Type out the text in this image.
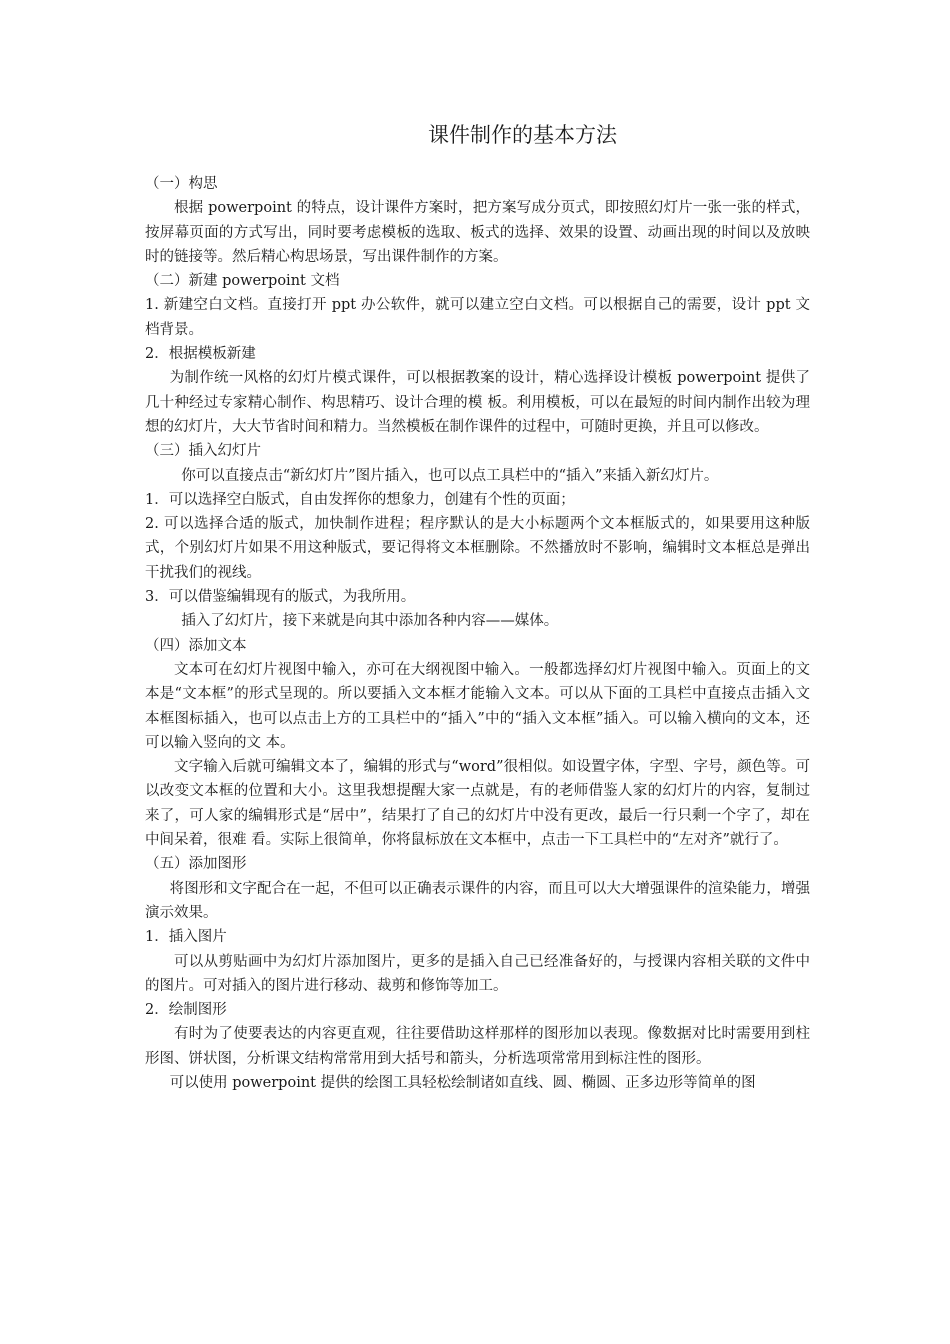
课件制作的基本方法

（一）构思

根据 powerpoint 的特点，设计课件方案时，把方案写成分页式，即按照幻灯片一张一张的样式，按屏幕页面的方式写出，同时要考虑模板的选取、板式的选择、效果的设置、动画出现的时间以及放映时的链接等。然后精心构思场景，写出课件制作的方案。

（二）新建 powerpoint 文档

1. 新建空白文档。直接打开 ppt 办公软件，就可以建立空白文档。可以根据自己的需要，设计 ppt 文档背景。

2．根据模板新建

为制作统一风格的幻灯片模式课件，可以根据教案的设计，精心选择设计模板 powerpoint 提供了几十种经过专家精心制作、构思精巧、设计合理的模 板。利用模板，可以在最短的时间内制作出较为理想的幻灯片，大大节省时间和精力。当然模板在制作课件的过程中，可随时更换，并且可以修改。

（三）插入幻灯片

你可以直接点击“新幻灯片”图片插入，也可以点工具栏中的“插入”来插入新幻灯片。

1．可以选择空白版式，自由发挥你的想象力，创建有个性的页面；

2. 可以选择合适的版式，加快制作进程；程序默认的是大小标题两个文本框版式的，如果要用这种版式，个别幻灯片如果不用这种版式，要记得将文本框删除。不然播放时不影响，编辑时文本框总是弹出干扰我们的视线。

3．可以借鉴编辑现有的版式，为我所用。

插入了幻灯片，接下来就是向其中添加各种内容——媒体。

（四）添加文本

文本可在幻灯片视图中输入，亦可在大纲视图中输入。一般都选择幻灯片视图中输入。页面上的文本是“文本框”的形式呈现的。所以要插入文本框才能输入文本。可以从下面的工具栏中直接点击插入文本框图标插入，也可以点击上方的工具栏中的“插入”中的“插入文本框”插入。可以输入横向的文本，还可以输入竖向的文 本。

文字输入后就可编辑文本了，编辑的形式与“word”很相似。如设置字体，字型、字号，颜色等。可以改变文本框的位置和大小。这里我想提醒大家一点就是，有的老师借鉴人家的幻灯片的内容，复制过来了，可人家的编辑形式是“居中”，结果打了自己的幻灯片中没有更改，最后一行只剩一个字了，却在中间呆着，很难 看。实际上很简单，你将鼠标放在文本框中，点击一下工具栏中的“左对齐”就行了。

（五）添加图形

将图形和文字配合在一起，不但可以正确表示课件的内容，而且可以大大增强课件的渲染能力，增强演示效果。

1．插入图片

可以从剪贴画中为幻灯片添加图片，更多的是插入自己已经准备好的，与授课内容相关联的文件中的图片。可对插入的图片进行移动、裁剪和修饰等加工。

2．绘制图形

有时为了使要表达的内容更直观，往往要借助这样那样的图形加以表现。像数据对比时需要用到柱形图、饼状图，分析课文结构常常用到大括号和箭头，分析选项常常用到标注性的图形。

可以使用 powerpoint 提供的绘图工具轻松绘制诸如直线、圆、椭圆、正多边形等简单的图
